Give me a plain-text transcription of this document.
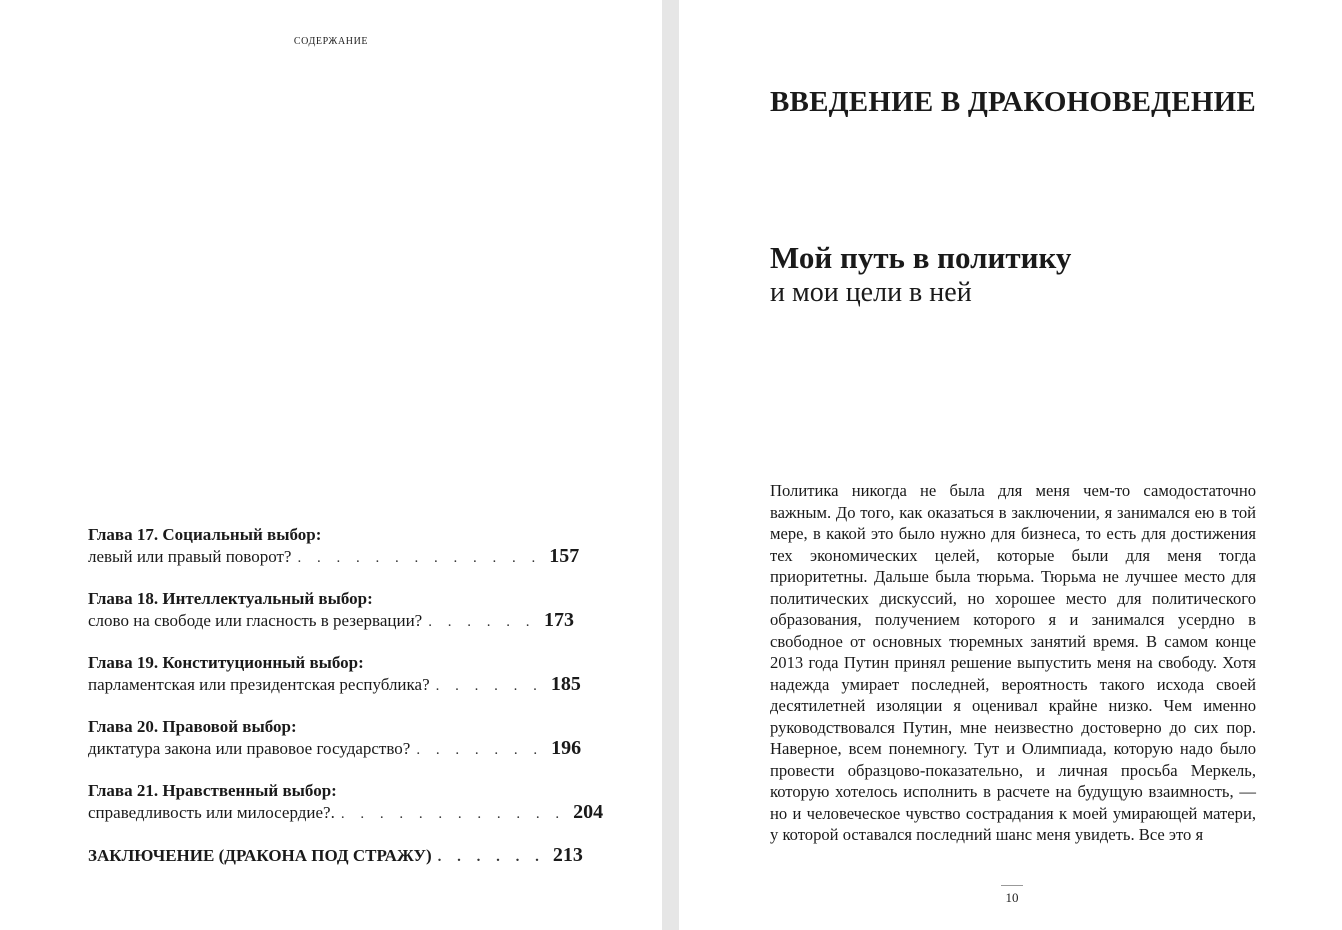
СОДЕРЖАНИЕ
Глава 17. Социальный выбор:
левый или правый поворот? . . . . . . . . . . . . . 157
Глава 18. Интеллектуальный выбор:
слово на свободе или гласность в резервации? . . . . . . 173
Глава 19. Конституционный выбор:
парламентская или президентская республика? . . . . . . 185
Глава 20. Правовой выбор:
диктатура закона или правовое государство? . . . . . . . 196
Глава 21. Нравственный выбор:
справедливость или милосердие?. . . . . . . . . . . . . 204
ЗАКЛЮЧЕНИЕ (ДРАКОНА ПОД СТРАЖУ) . . . . . . 213
ВВЕДЕНИЕ В ДРАКОНОВЕДЕНИЕ
Мой путь в политику
и мои цели в ней
Политика никогда не была для меня чем-то самодостаточно важным. До того, как оказаться в заключении, я занимался ею в той мере, в какой это было нужно для бизнеса, то есть для достижения тех экономических целей, которые были для меня тогда приоритетны. Дальше была тюрьма. Тюрьма не лучшее место для политических дискуссий, но хорошее место для политического образования, получением которого я и занимался усердно в свободное от основных тюремных занятий время. В самом конце 2013 года Путин принял решение выпустить меня на свободу. Хотя надежда умирает последней, вероятность такого исхода своей десятилетней изоляции я оценивал крайне низко. Чем именно руководствовался Путин, мне неизвестно достоверно до сих пор. Наверное, всем понемногу. Тут и Олимпиада, которую надо было провести образцово-показательно, и личная просьба Меркель, которую хотелось исполнить в расчете на будущую взаимность, — но и человеческое чувство сострадания к моей умирающей матери, у которой оставался последний шанс меня увидеть. Все это я
10
